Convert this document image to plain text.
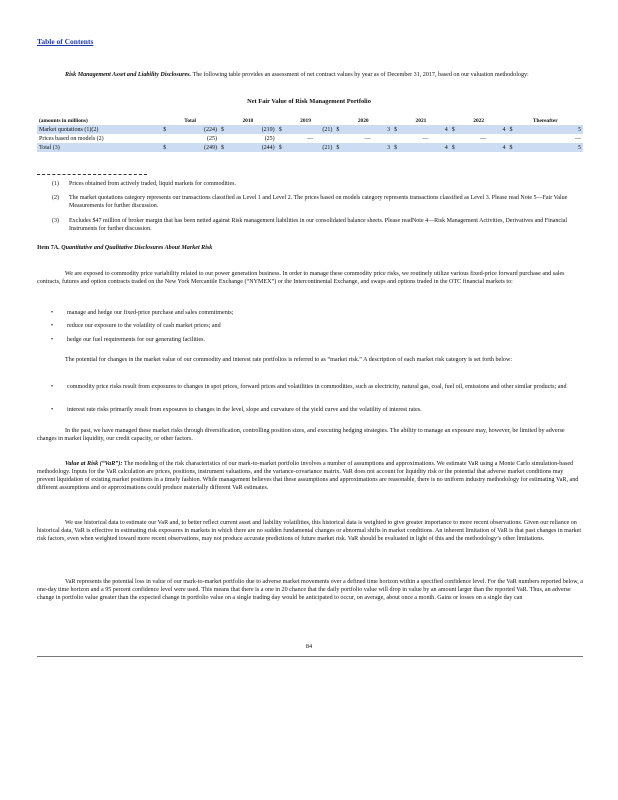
Table of Contents

Risk Management Asset and Liability Disclosures. The following table provides an assessment of net contract values by year as of December 31, 2017, based on our valuation methodology:

Net Fair Value of Risk Management Portfolio
(amounts in millions)	Total		2018		2019		2020		2021		2022		Thereafter	
Market quotations (1)(2)	$	(224)	$	(219)	$	(21)	$	3	$	4	$	4	$	5
Prices based on models (2)		(25)		(25)		—		—		—		—		—
Total (3)	$	(249)	$	(244)	$	(21)	$	3	$	4	$	4	$	5
(1) Prices obtained from actively traded, liquid markets for commodities.
(2) The market quotations category represents our transactions classified as Level 1 and Level 2. The prices based on models category represents transactions classified as Level 3. Please read Note 5—Fair Value Measurements for further discussion.
(3) Excludes $47 million of broker margin that has been netted against Risk management liabilities in our consolidated balance sheets. Please readNote 4—Risk Management Activities, Derivatives and Financial Instruments for further discussion.
Item 7A. Quantitative and Qualitative Disclosures About Market Risk

We are exposed to commodity price variability related to our power generation business. In order to manage these commodity price risks, we routinely utilize various fixed-price forward purchase and sales contracts, futures and option contracts traded on the New York Mercantile Exchange (“NYMEX”) or the Intercontinental Exchange, and swaps and options traded in the OTC financial markets to:

• manage and hedge our fixed-price purchase and sales commitments;
• reduce our exposure to the volatility of cash market prices; and
• hedge our fuel requirements for our generating facilities.

The potential for changes in the market value of our commodity and interest rate portfolios is referred to as “market risk.” A description of each market risk category is set forth below:

• commodity price risks result from exposures to changes in spot prices, forward prices and volatilities in commodities, such as electricity, natural gas, coal, fuel oil, emissions and other similar products; and
• interest rate risks primarily result from exposures to changes in the level, slope and curvature of the yield curve and the volatility of interest rates.

In the past, we have managed these market risks through diversification, controlling position sizes, and executing hedging strategies. The ability to manage an exposure may, however, be limited by adverse changes in market liquidity, our credit capacity, or other factors.

Value at Risk (“VaR”): The modeling of the risk characteristics of our mark-to-market portfolio involves a number of assumptions and approximations. We estimate VaR using a Monte Carlo simulation-based methodology. Inputs for the VaR calculation are prices, positions, instrument valuations, and the variance-covariance matrix. VaR does not account for liquidity risk or the potential that adverse market conditions may prevent liquidation of existing market positions in a timely fashion. While management believes that these assumptions and approximations are reasonable, there is no uniform industry methodology for estimating VaR, and different assumptions and or approximations could produce materially different VaR estimates.

We use historical data to estimate our VaR and, to better reflect current asset and liability volatilities, this historical data is weighted to give greater importance to more recent observations. Given our reliance on historical data, VaR is effective in estimating risk exposures in markets in which there are no sudden fundamental changes or abnormal shifts in market conditions. An inherent limitation of VaR is that past changes in market risk factors, even when weighted toward more recent observations, may not produce accurate predictions of future market risk. VaR should be evaluated in light of this and the methodology’s other limitations.

VaR represents the potential loss in value of our mark-to-market portfolio due to adverse market movements over a defined time horizon within a specified confidence level. For the VaR numbers reported below, a one-day time horizon and a 95 percent confidence level were used. This means that there is a one in 20 chance that the daily portfolio value will drop in value by an amount larger than the reported VaR. Thus, an adverse change in portfolio value greater than the expected change in portfolio value on a single trading day would be anticipated to occur, on average, about once a month. Gains or losses on a single day can

84
